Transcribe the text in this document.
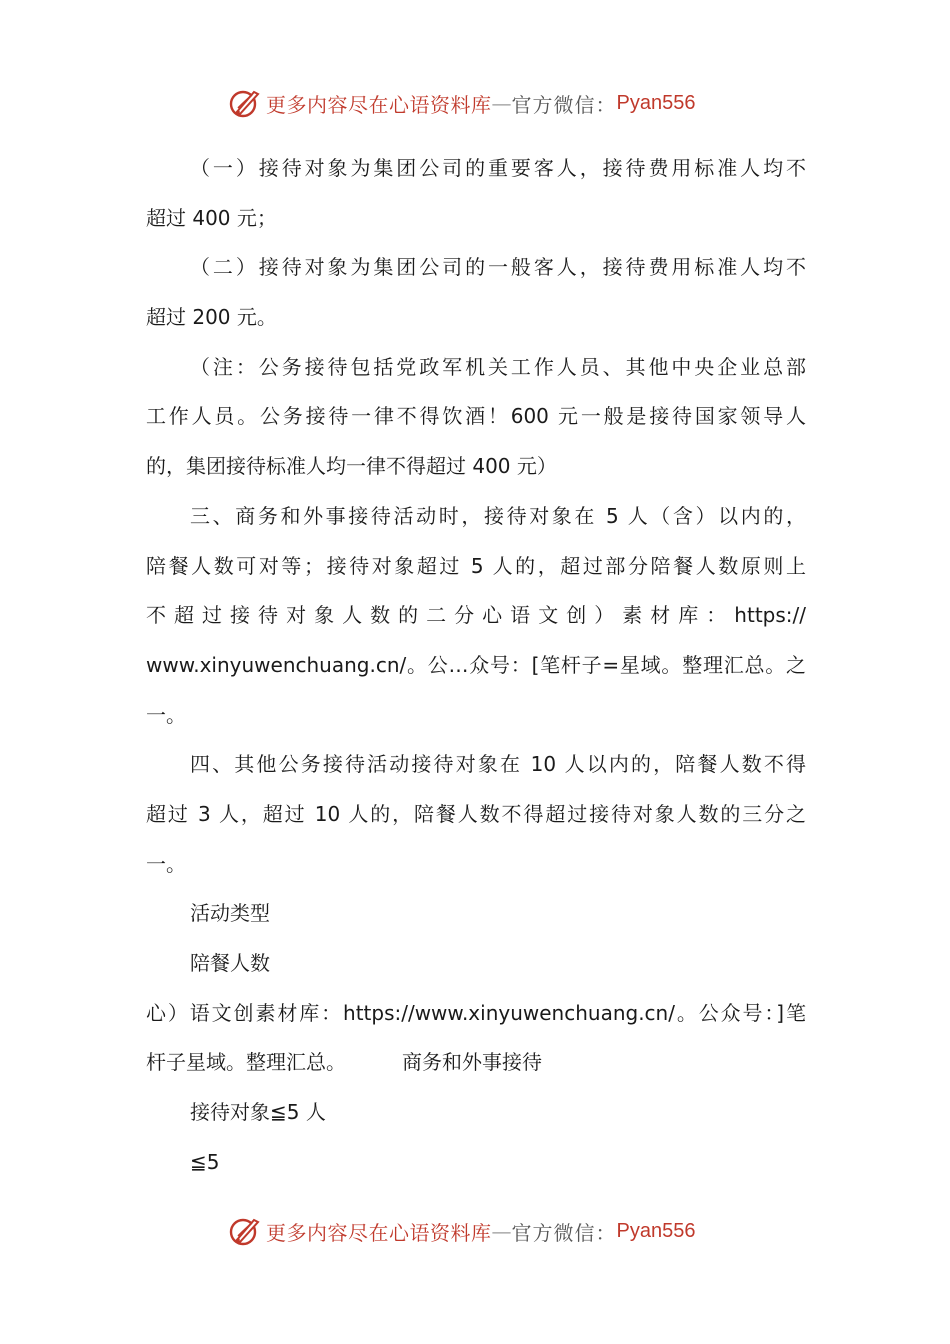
更多内容尽在心语资料库 — 官方微信： Pyan556
（一）接待对象为集团公司的重要客人，接待费用标准人均不
超过 400 元；
（二）接待对象为集团公司的一般客人，接待费用标准人均不
超过 200 元。
（注：公务接待包括党政军机关工作人员、其他中央企业总部
工作人员。公务接待一律不得饮酒！600 元一般是接待国家领导人
的，集团接待标准人均一律不得超过 400 元）
三、商务和外事接待活动时，接待对象在 5 人（含）以内的，
陪餐人数可对等；接待对象超过 5 人的，超过部分陪餐人数原则上
不超过接待对象人数的二分心语文创）素材库：https://
www.xinyuwenchuang.cn/。公…众号：[笔杆子=星域。整理汇总。之
一。
四、其他公务接待活动接待对象在 10 人以内的，陪餐人数不得
超过 3 人，超过 10 人的，陪餐人数不得超过接待对象人数的三分之
一。
活动类型
陪餐人数
心）语文创素材库：https://www.xinyuwenchuang.cn/。公众号：]笔
杆子星域。整理汇总。	商务和外事接待
接待对象≦5 人
≦5
更多内容尽在心语资料库 — 官方微信： Pyan556
